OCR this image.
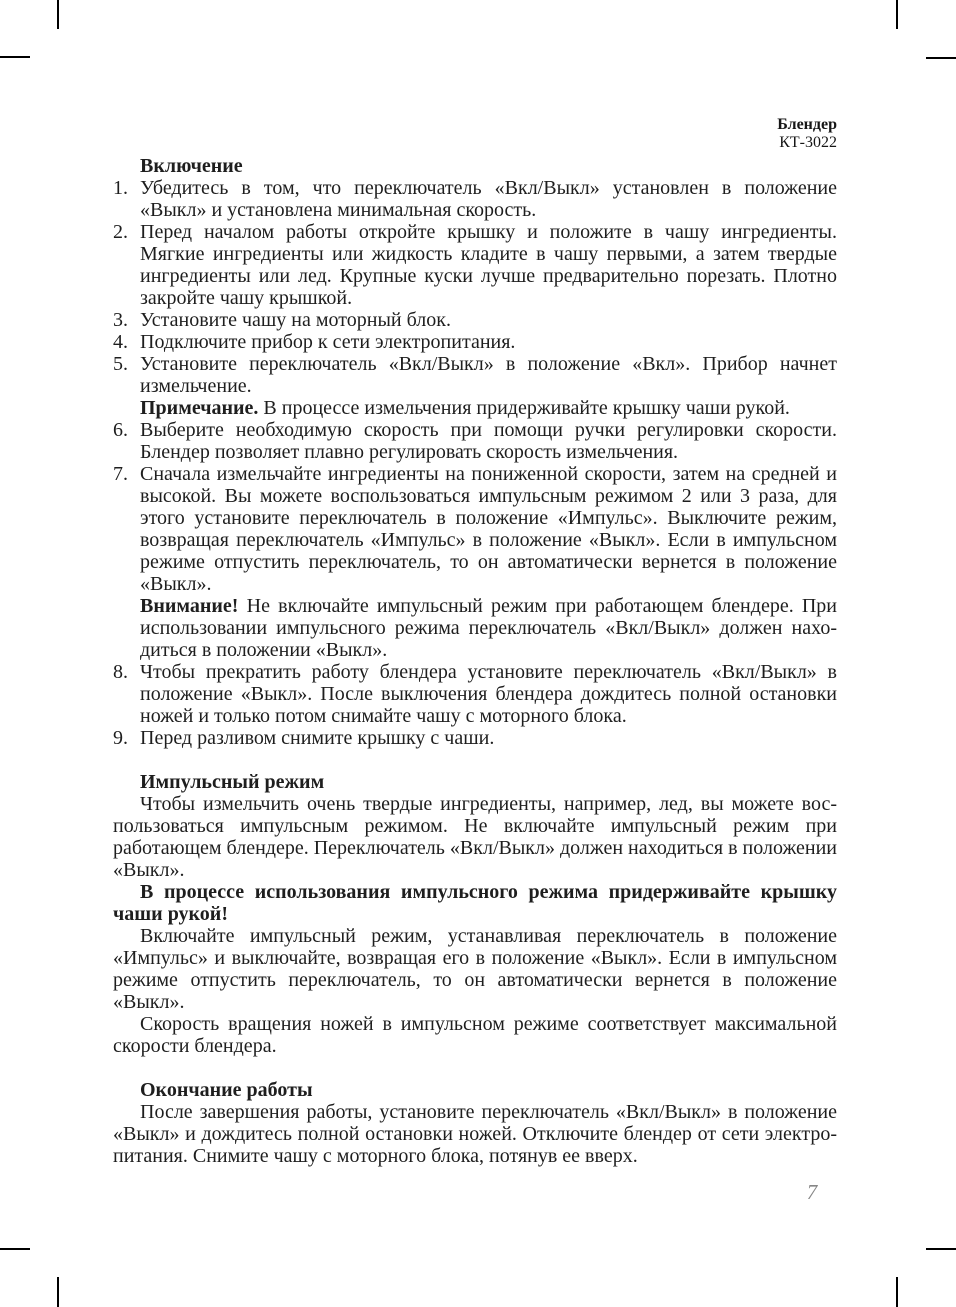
Блендер
КТ-3022
Включение
1. Убедитесь в том, что переключатель «Вкл/Выкл» установлен в положение «Выкл» и установлена минимальная скорость.
2. Перед началом работы откройте крышку и положите в чашу ингредиенты. Мягкие ингредиенты или жидкость кладите в чашу первыми, а затем твердые ингредиенты или лед. Крупные куски лучше предварительно порезать. Плотно закройте чашу крышкой.
3. Установите чашу на моторный блок.
4. Подключите прибор к сети электропитания.
5. Установите переключатель «Вкл/Выкл» в положение «Вкл». Прибор начнет измельчение.
Примечание. В процессе измельчения придерживайте крышку чаши рукой.
6. Выберите необходимую скорость при помощи ручки регулировки скорости. Блендер позволяет плавно регулировать скорость измельчения.
7. Сначала измельчайте ингредиенты на пониженной скорости, затем на средней и высокой. Вы можете воспользоваться импульсным режимом 2 или 3 раза, для этого установите переключатель в положение «Импульс». Выключите режим, возвращая переключатель «Импульс» в положение «Выкл». Если в импульсном режиме отпустить переключатель, то он автоматически вернется в положение «Выкл».
Внимание! Не включайте импульсный режим при работающем блендере. При использовании импульсного режима переключатель «Вкл/Выкл» должен находиться в положении «Выкл».
8. Чтобы прекратить работу блендера установите переключатель «Вкл/Выкл» в положение «Выкл». После выключения блендера дождитесь полной остановки ножей и только потом снимайте чашу с моторного блока.
9. Перед разливом снимите крышку с чаши.
Импульсный режим
Чтобы измельчить очень твердые ингредиенты, например, лед, вы можете воспользоваться импульсным режимом. Не включайте импульсный режим при работающем блендере. Переключатель «Вкл/Выкл» должен находиться в положении «Выкл».
В процессе использования импульсного режима придерживайте крышку чаши рукой!
Включайте импульсный режим, устанавливая переключатель в положение «Импульс» и выключайте, возвращая его в положение «Выкл». Если в импульсном режиме отпустить переключатель, то он автоматически вернется в положение «Выкл».
Скорость вращения ножей в импульсном режиме соответствует максимальной скорости блендера.
Окончание работы
После завершения работы, установите переключатель «Вкл/Выкл» в положение «Выкл» и дождитесь полной остановки ножей. Отключите блендер от сети электропитания. Снимите чашу с моторного блока, потянув ее вверх.
7
